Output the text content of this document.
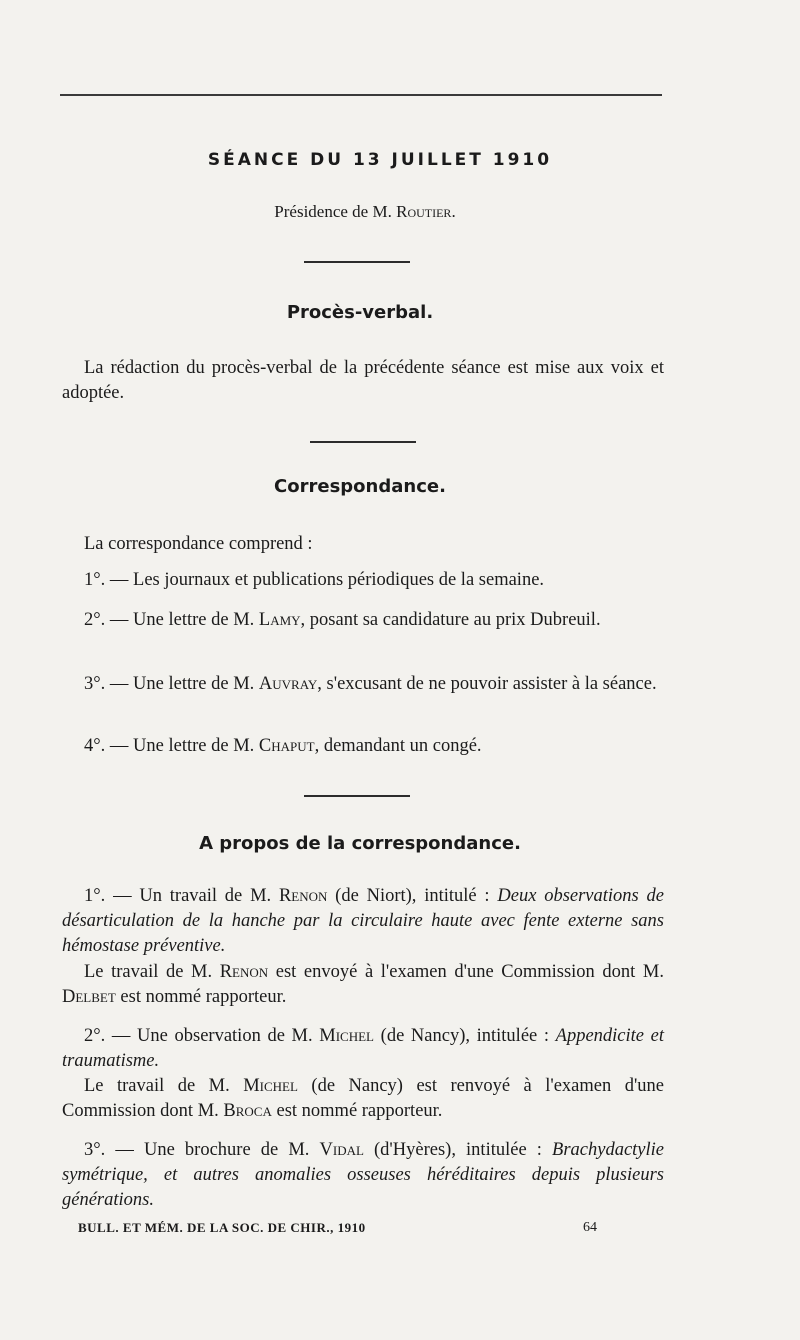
SÉANCE DU 13 JUILLET 1910
Présidence de M. Routier.
Procès-verbal.
La rédaction du procès-verbal de la précédente séance est mise aux voix et adoptée.
Correspondance.
La correspondance comprend :
1°. — Les journaux et publications périodiques de la semaine.
2°. — Une lettre de M. Lamy, posant sa candidature au prix Dubreuil.
3°. — Une lettre de M. Auvray, s'excusant de ne pouvoir assister à la séance.
4°. — Une lettre de M. Chaput, demandant un congé.
A propos de la correspondance.
1°. — Un travail de M. Renon (de Niort), intitulé : Deux observations de désarticulation de la hanche par la circulaire haute avec fente externe sans hémostase préventive.
Le travail de M. Renon est envoyé à l'examen d'une Commission dont M. Delbet est nommé rapporteur.
2°. — Une observation de M. Michel (de Nancy), intitulée : Appendicite et traumatisme.
Le travail de M. Michel (de Nancy) est renvoyé à l'examen d'une Commission dont M. Broca est nommé rapporteur.
3°. — Une brochure de M. Vidal (d'Hyères), intitulée : Brachydactylie symétrique, et autres anomalies osseuses héréditaires depuis plusieurs générations.
BULL. ET MÉM. DE LA SOC. DE CHIR., 1910	64
